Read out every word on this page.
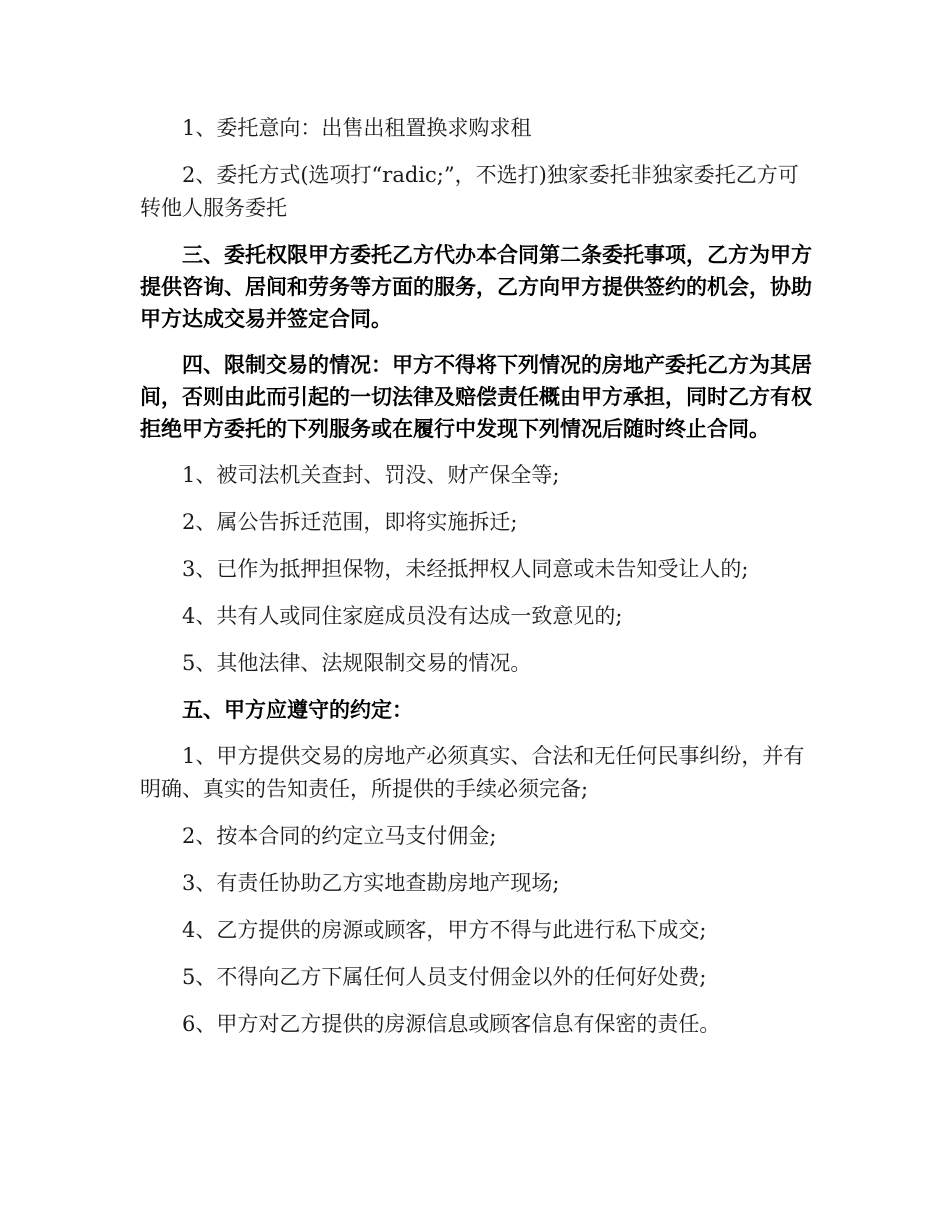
1、委托意向：出售出租置换求购求租

2、委托方式(选项打“radic;”，不选打)独家委托非独家委托乙方可转他人服务委托

三、委托权限甲方委托乙方代办本合同第二条委托事项，乙方为甲方提供咨询、居间和劳务等方面的服务，乙方向甲方提供签约的机会，协助甲方达成交易并签定合同。

四、限制交易的情况：甲方不得将下列情况的房地产委托乙方为其居间，否则由此而引起的一切法律及赔偿责任概由甲方承担，同时乙方有权拒绝甲方委托的下列服务或在履行中发现下列情况后随时终止合同。

1、被司法机关查封、罚没、财产保全等;

2、属公告拆迁范围，即将实施拆迁;

3、已作为抵押担保物，未经抵押权人同意或未告知受让人的;

4、共有人或同住家庭成员没有达成一致意见的;

5、其他法律、法规限制交易的情况。

五、甲方应遵守的约定：

1、甲方提供交易的房地产必须真实、合法和无任何民事纠纷，并有明确、真实的告知责任，所提供的手续必须完备;

2、按本合同的约定立马支付佣金;

3、有责任协助乙方实地查勘房地产现场;

4、乙方提供的房源或顾客，甲方不得与此进行私下成交;

5、不得向乙方下属任何人员支付佣金以外的任何好处费;

6、甲方对乙方提供的房源信息或顾客信息有保密的责任。
